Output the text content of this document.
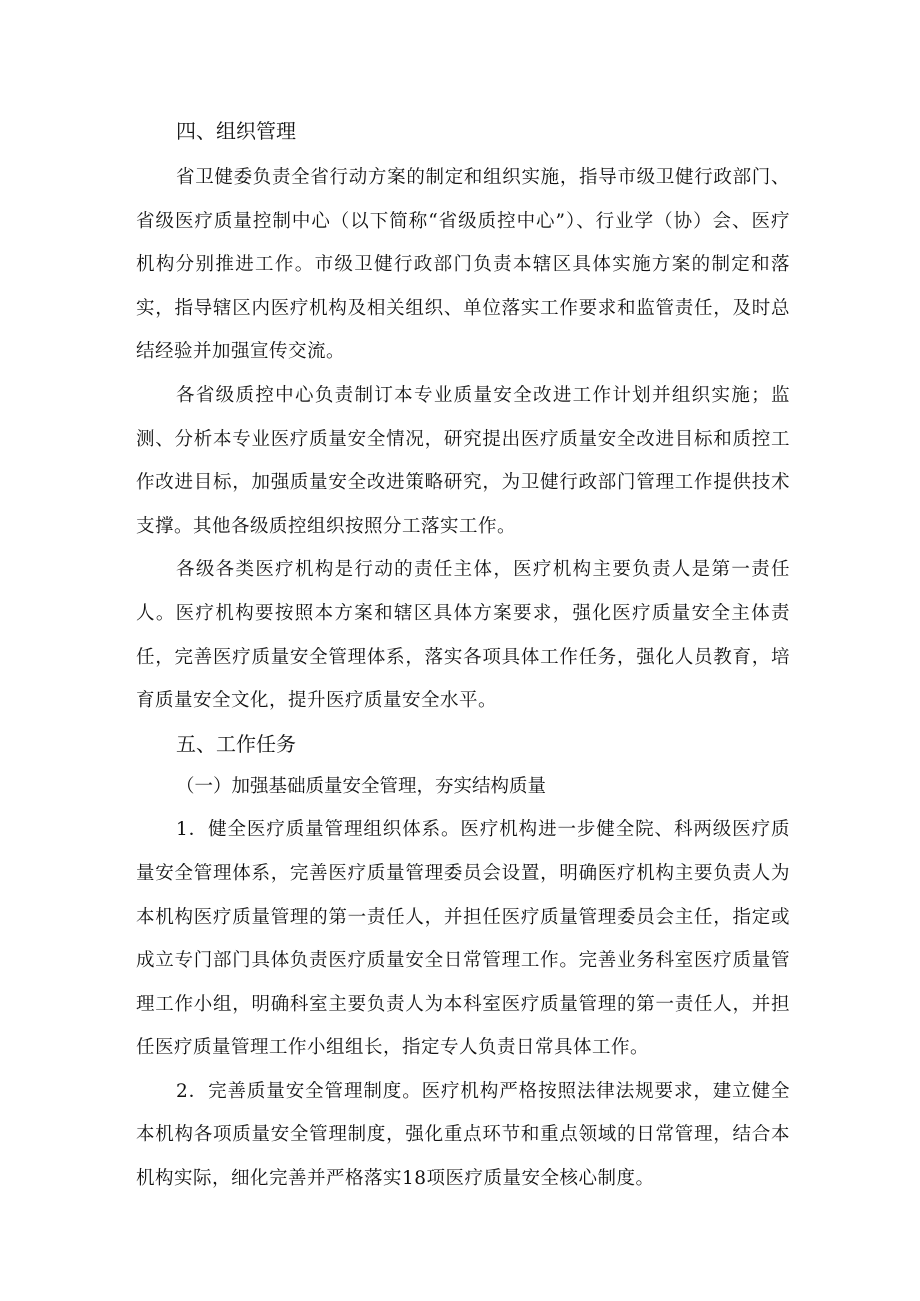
四、组织管理

省卫健委负责全省行动方案的制定和组织实施，指导市级卫健行政部门、省级医疗质量控制中心（以下简称“省级质控中心”）、行业学（协）会、医疗机构分别推进工作。市级卫健行政部门负责本辖区具体实施方案的制定和落实，指导辖区内医疗机构及相关组织、单位落实工作要求和监管责任，及时总结经验并加强宣传交流。

各省级质控中心负责制订本专业质量安全改进工作计划并组织实施；监测、分析本专业医疗质量安全情况，研究提出医疗质量安全改进目标和质控工作改进目标，加强质量安全改进策略研究，为卫健行政部门管理工作提供技术支撑。其他各级质控组织按照分工落实工作。

各级各类医疗机构是行动的责任主体，医疗机构主要负责人是第一责任人。医疗机构要按照本方案和辖区具体方案要求，强化医疗质量安全主体责任，完善医疗质量安全管理体系，落实各项具体工作任务，强化人员教育，培育质量安全文化，提升医疗质量安全水平。

五、工作任务

（一）加强基础质量安全管理，夯实结构质量

1．健全医疗质量管理组织体系。医疗机构进一步健全院、科两级医疗质量安全管理体系，完善医疗质量管理委员会设置，明确医疗机构主要负责人为本机构医疗质量管理的第一责任人，并担任医疗质量管理委员会主任，指定或成立专门部门具体负责医疗质量安全日常管理工作。完善业务科室医疗质量管理工作小组，明确科室主要负责人为本科室医疗质量管理的第一责任人，并担任医疗质量管理工作小组组长，指定专人负责日常具体工作。

2．完善质量安全管理制度。医疗机构严格按照法律法规要求，建立健全本机构各项质量安全管理制度，强化重点环节和重点领域的日常管理，结合本机构实际，细化完善并严格落实18项医疗质量安全核心制度。
